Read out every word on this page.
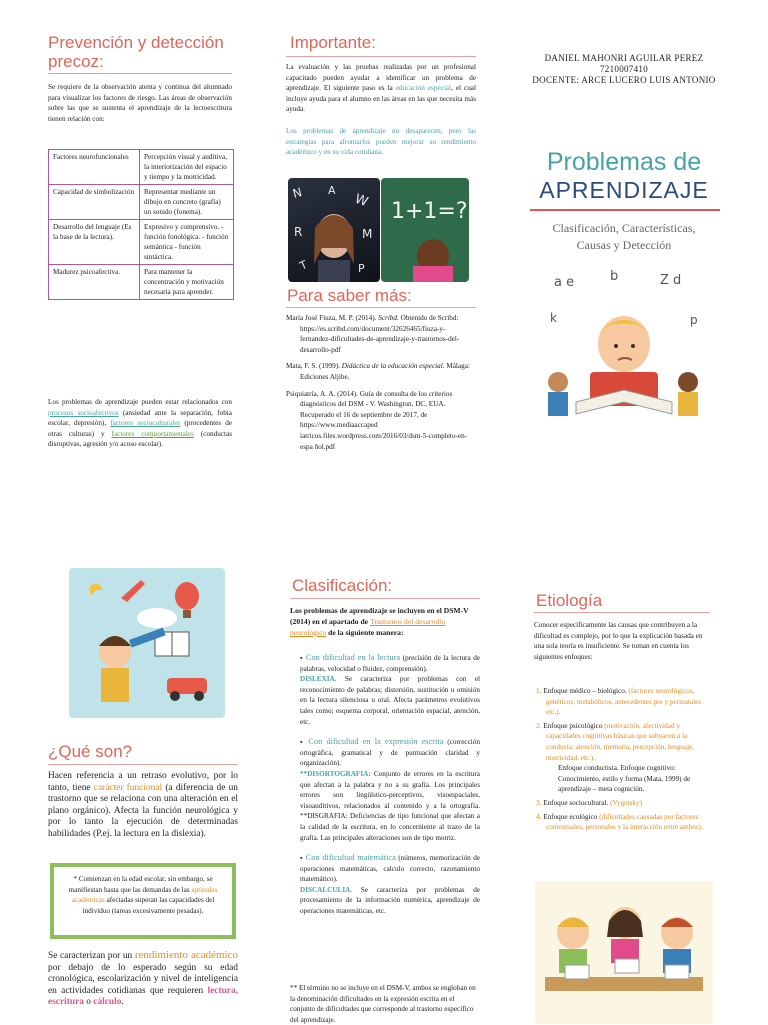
Prevención y detección precoz:
Se requiere de la observación atenta y continua del alumnado para visualizar los factores de riesgo. Las áreas de observación sobre las que se sustenta el aprendizaje de la lectoescritura tienen relación con:
Factores neurofuncionales	Percepción visual y auditiva, la interiorización del espacio y tiempo y la motricidad.
Capacidad de simbolización	Representar mediante un dibujo en concreto (grafía) un sonido (fonema).
Desarrollo del lenguaje (Es la base de la lectura).	Expresivo y comprensivo. -función fonológica. - función semántica - función sintáctica.
Madurez psicoafectiva.	Para mantener la concentración y motivación necesaria para aprender.
Los problemas de aprendizaje pueden estar relacionados con procesos socioafectivos (ansiedad ante la separación, fobia escolar, depresión), factores socioculturales (procedentes de otras culturas) y factores comportamentales (conductas disruptivas, agresión y/o acoso escolar).
Importante:
La evaluación y las pruebas realizadas por un profesional capacitado pueden ayudar a identificar un problema de aprendizaje. El siguiente paso es la educación especial, el cual incluye ayuda para el alumno en las áreas en las que necesita más ayuda.
Los problemas de aprendizaje no desaparecen, pero las estrategias para afrontarlos pueden mejorar su rendimiento académico y en su vida cotidiana.
N A
W
R	M
T	P
1+1=?
Para saber más:
María José Fiuza, M. P. (2014). Scribd. Obtenido de Scribd: https://es.scribd.com/document/32626465/fiuza-y-fernandez-dificultades-de-aprendizaje-y-trastornos-del-desarrollo-pdf
Mata, F. S. (1999). Didáctica de la educación especial. Málaga: Ediciones Aljibe.
Psiquiatría, A. A. (2014). Guía de consulta de los criterios diagnósticos del DSM - V. Washington, DC, EUA. Recuperado el 16 de septiembre de 2017, de https://www.mediaaccaped ìatricos.files.wordpress.com/2016/03/dsm-5-completo-en-espa ñol.pdf
DANIEL MAHONRI AGUILAR PEREZ
7210007410
DOCENTE: ARCE LUCERO LUIS ANTONIO
Problemas de
APRENDIZAJE
Clasificación, Características, Causas y Detección
a e	b	Z d
k	p
¿Qué son?
Hacen referencia a un retraso evolutivo, por lo tanto, tiene carácter funcional (a diferencia de un trastorno que se relaciona con una alteración en el plano orgánico). Afecta la función neurológica y por lo tanto la ejecución de determinadas habilidades (P.ej. la lectura en la dislexia).
* Comienzan en la edad escolar, sin embargo, se manifiestan hasta que las demandas de las aptitudes académicas afectadas superan las capacidades del individuo (tareas excesivamente pesadas).
Se caracterizan por un rendimiento académico por debajo de lo esperado según su edad cronológica, escolarización y nivel de inteligencia en actividades cotidianas que requieren lectura, escritura o cálculo.
Clasificación:
Los problemas de aprendizaje se incluyen en el DSM-V (2014) en el apartado de Trastornos del desarrollo neurológico de la siguiente manera:
▪ Con dificultad en la lectura (precisión de la lectura de palabras, velocidad o fluidez, comprensión).
DISLEXIA. Se caracteriza por problemas con el reconocimiento de palabras; distorsión, sustitución u omisión en la lectura silenciosa u oral. Afecta parámetros evolutivos tales como; esquema corporal, orientación espacial, atención, etc.
▪ Con dificultad en la expresión escrita (corrección ortográfica, gramatical y de puntuación claridad y organización).
**DISORTOGRAFIA: Conjunto de errores en la escritura que afectan a la palabra y no a su grafía. Los principales errores son lingüístico-perceptivos, visoespaciales, visoauditivos, relacionados al contenido y a la ortografía. **DISGRAFIA: Deficiencias de tipo funcional que afectan a la calidad de la escritura, en lo concerniente al trazo de la grafía. Las principales alteraciones son de tipo motriz.
▪ Con dificultad matemática (números, memorización de operaciones matemáticas, calculo correcto, razonamiento matemático).
DISCALCULIA. Se caracteriza por problemas de procesamiento de la información numérica, aprendizaje de operaciones matemáticas, etc.
** El término no se incluye en el DSM-V, ambos se engloban en la denominación dificultades en la expresión escrita en el conjunto de dificultades que corresponde al trastorno específico del aprendizaje.
Etiología
Conocer específicamente las causas que contribuyen a la dificultad es complejo, por lo que la explicación basada en una sola teoría es insuficiente. Se toman en cuenta los siguientes enfoques:
1. Enfoque médico – biológico. (factores neurológicos, genéticos, metabólicos, antecedentes pre y perinatales etc.).
2. Enfoque psicológico (motivación, afectividad y capacidades cognitivas básicas que subyacen a la conducta; atención, memoria, percepción, lenguaje, motricidad, etc.).

Enfoque conductista. Enfoque cognitivo: Conocimiento, estilo y forma (Mata, 1999) de aprendizaje – meta cognición.
3. Enfoque sociocultural. (Vygotsky)
4. Enfoque ecológico (dificultades causadas por factores contextuales, personales y la interacción entre ambos).
